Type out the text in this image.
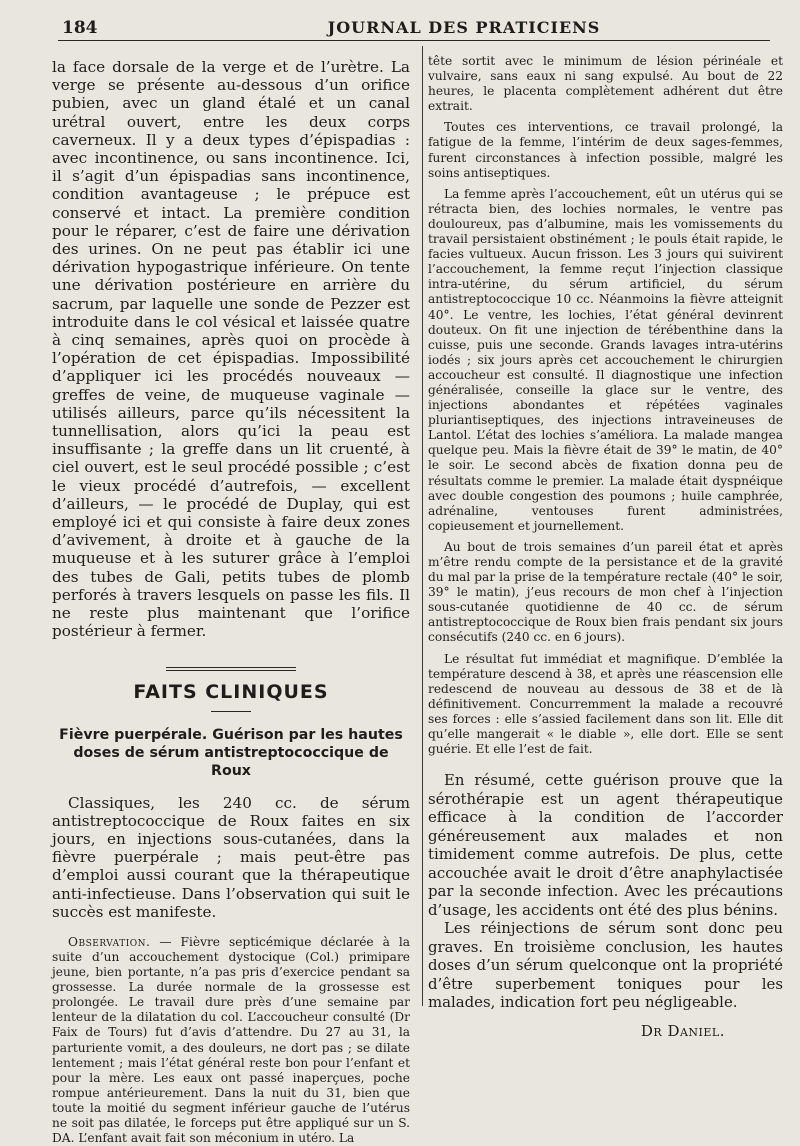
184	JOURNAL DES PRATICIENS

la face dorsale de la verge et de l’urètre. La verge se présente au-dessous d’un orifice pubien, avec un gland étalé et un canal urétral ouvert, entre les deux corps caverneux. Il y a deux types d’épispadias : avec incontinence, ou sans incontinence. Ici, il s’agit d’un épispadias sans incontinence, condition avantageuse ; le prépuce est conservé et intact. La première condition pour le réparer, c’est de faire une dérivation des urines. On ne peut pas établir ici une dérivation hypogastrique inférieure. On tente une dérivation postérieure en arrière du sacrum, par laquelle une sonde de Pezzer est introduite dans le col vésical et laissée quatre à cinq semaines, après quoi on procède à l’opération de cet épispadias. Impossibilité d’appliquer ici les procédés nouveaux — greffes de veine, de muqueuse vaginale — utilisés ailleurs, parce qu’ils nécessitent la tunnellisation, alors qu’ici la peau est insuffisante ; la greffe dans un lit cruenté, à ciel ouvert, est le seul procédé possible ; c’est le vieux procédé d’autrefois, — excellent d’ailleurs, — le procédé de Duplay, qui est employé ici et qui consiste à faire deux zones d’avivement, à droite et à gauche de la muqueuse et à les suturer grâce à l’emploi des tubes de Gali, petits tubes de plomb perforés à travers lesquels on passe les fils. Il ne reste plus maintenant que l’orifice postérieur à fermer.

FAITS CLINIQUES
Fièvre puerpérale. Guérison par les hautes doses de sérum antistreptococcique de Roux

Classiques, les 240 cc. de sérum antistreptococcique de Roux faites en six jours, en injections sous-cutanées, dans la fièvre puerpérale ; mais peut-être pas d’emploi aussi courant que la thérapeutique anti-infectieuse. Dans l’observation qui suit le succès est manifeste.

Observation. — Fièvre septicémique déclarée à la suite d’un accouchement dystocique (Col.) primipare jeune, bien portante, n’a pas pris d’exercice pendant sa grossesse. La durée normale de la grossesse est prolongée. Le travail dure près d’une semaine par lenteur de la dilatation du col. L’accoucheur consulté (Dr Faix de Tours) fut d’avis d’attendre. Du 27 au 31, la parturiente vomit, a des douleurs, ne dort pas ; se dilate lentement ; mais l’état général reste bon pour l’enfant et pour la mère. Les eaux ont passé inaperçues, poche rompue antérieurement. Dans la nuit du 31, bien que toute la moitié du segment inférieur gauche de l’utérus ne soit pas dilatée, le forceps put être appliqué sur un S. DA. L’enfant avait fait son méconium in utéro. La

tête sortit avec le minimum de lésion périnéale et vulvaire, sans eaux ni sang expulsé. Au bout de 22 heures, le placenta complètement adhérent dut être extrait.

Toutes ces interventions, ce travail prolongé, la fatigue de la femme, l’intérim de deux sages-femmes, furent circonstances à infection possible, malgré les soins antiseptiques.

La femme après l’accouchement, eût un utérus qui se rétracta bien, des lochies normales, le ventre pas douloureux, pas d’albumine, mais les vomissements du travail persistaient obstinément ; le pouls était rapide, le facies vultueux. Aucun frisson. Les 3 jours qui suivirent l’accouchement, la femme reçut l’injection classique intra-utérine, du sérum artificiel, du sérum antistreptococcique 10 cc. Néanmoins la fièvre atteignit 40°. Le ventre, les lochies, l’état général devinrent douteux. On fit une injection de térébenthine dans la cuisse, puis une seconde. Grands lavages intra-utérins iodés ; six jours après cet accouchement le chirurgien accoucheur est consulté. Il diagnostique une infection généralisée, conseille la glace sur le ventre, des injections abondantes et répétées vaginales pluriantiseptiques, des injections intraveineuses de Lantol. L’état des lochies s’améliora. La malade mangea quelque peu. Mais la fièvre était de 39° le matin, de 40° le soir. Le second abcès de fixation donna peu de résultats comme le premier. La malade était dyspnéique avec double congestion des poumons ; huile camphrée, adrénaline, ventouses furent administrées, copieusement et journellement.

Au bout de trois semaines d’un pareil état et après m’être rendu compte de la persistance et de la gravité du mal par la prise de la température rectale (40° le soir, 39° le matin), j’eus recours de mon chef à l’injection sous-cutanée quotidienne de 40 cc. de sérum antistreptococcique de Roux bien frais pendant six jours consécutifs (240 cc. en 6 jours).

Le résultat fut immédiat et magnifique. D’emblée la température descend à 38, et après une réascension elle redescend de nouveau au dessous de 38 et de là définitivement. Concurremment la malade a recouvré ses forces : elle s’assied facilement dans son lit. Elle dit qu’elle mangerait « le diable », elle dort. Elle se sent guérie. Et elle l’est de fait.

En résumé, cette guérison prouve que la sérothérapie est un agent thérapeutique efficace à la condition de l’accorder généreusement aux malades et non timidement comme autrefois. De plus, cette accouchée avait le droit d’être anaphylactisée par la seconde infection. Avec les précautions d’usage, les accidents ont été des plus bénins.

Les réinjections de sérum sont donc peu graves. En troisième conclusion, les hautes doses d’un sérum quelconque ont la propriété d’être superbement toniques pour les malades, indication fort peu négligeable.

Dr Daniel.
